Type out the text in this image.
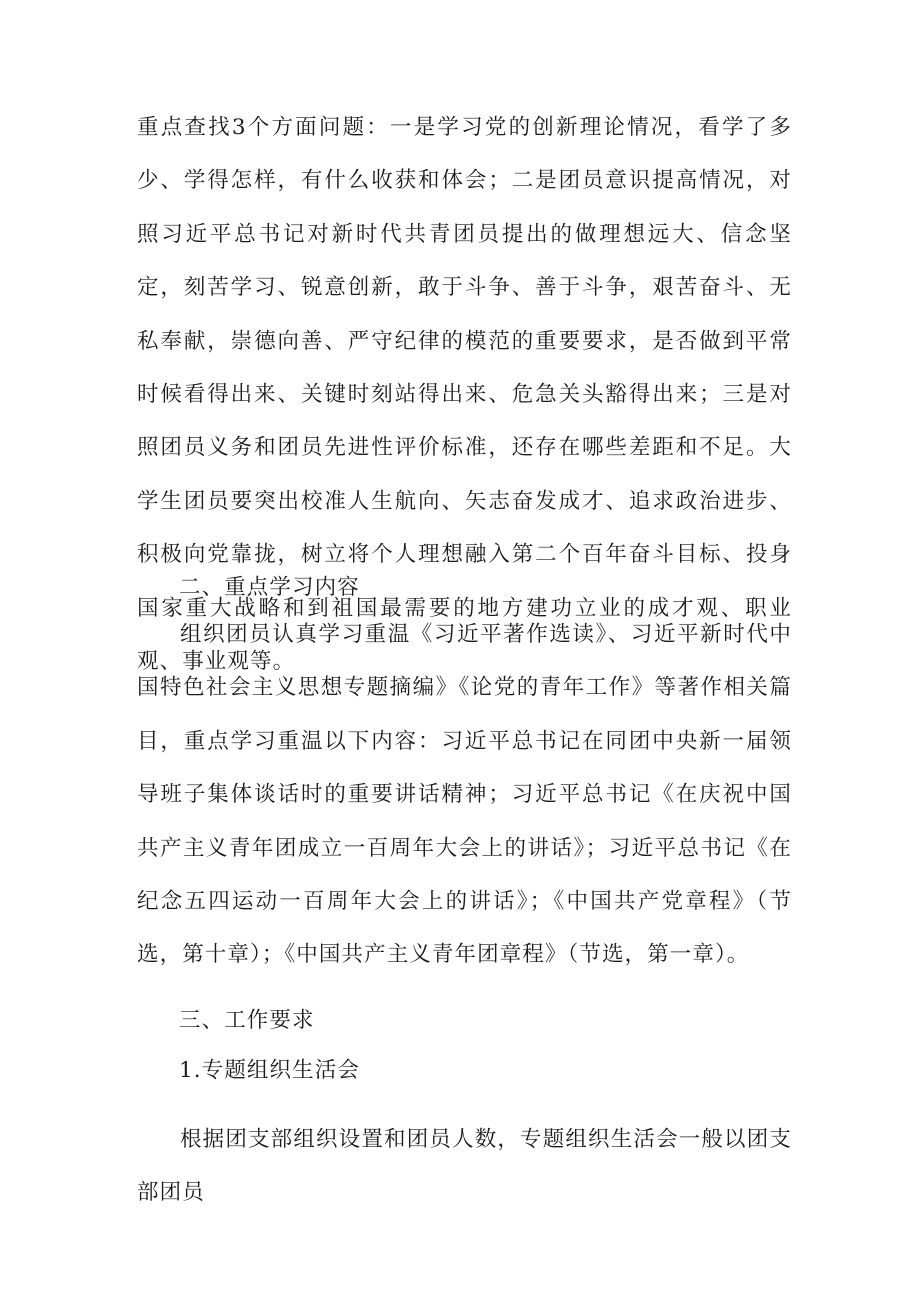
重点查找3个方面问题：一是学习党的创新理论情况，看学了多少、学得怎样，有什么收获和体会；二是团员意识提高情况，对照习近平总书记对新时代共青团员提出的做理想远大、信念坚定，刻苦学习、锐意创新，敢于斗争、善于斗争，艰苦奋斗、无私奉献，崇德向善、严守纪律的模范的重要要求，是否做到平常时候看得出来、关键时刻站得出来、危急关头豁得出来；三是对照团员义务和团员先进性评价标准，还存在哪些差距和不足。大学生团员要突出校准人生航向、矢志奋发成才、追求政治进步、积极向党靠拢，树立将个人理想融入第二个百年奋斗目标、投身国家重大战略和到祖国最需要的地方建功立业的成才观、职业观、事业观等。

二、重点学习内容

组织团员认真学习重温《习近平著作选读》、习近平新时代中国特色社会主义思想专题摘编》《论党的青年工作》等著作相关篇目，重点学习重温以下内容：习近平总书记在同团中央新一届领导班子集体谈话时的重要讲话精神；习近平总书记《在庆祝中国共产主义青年团成立一百周年大会上的讲话》；习近平总书记《在纪念五四运动一百周年大会上的讲话》；《中国共产党章程》（节选，第十章）；《中国共产主义青年团章程》（节选，第一章）。

三、工作要求

1.专题组织生活会

根据团支部组织设置和团员人数，专题组织生活会一般以团支部团员
